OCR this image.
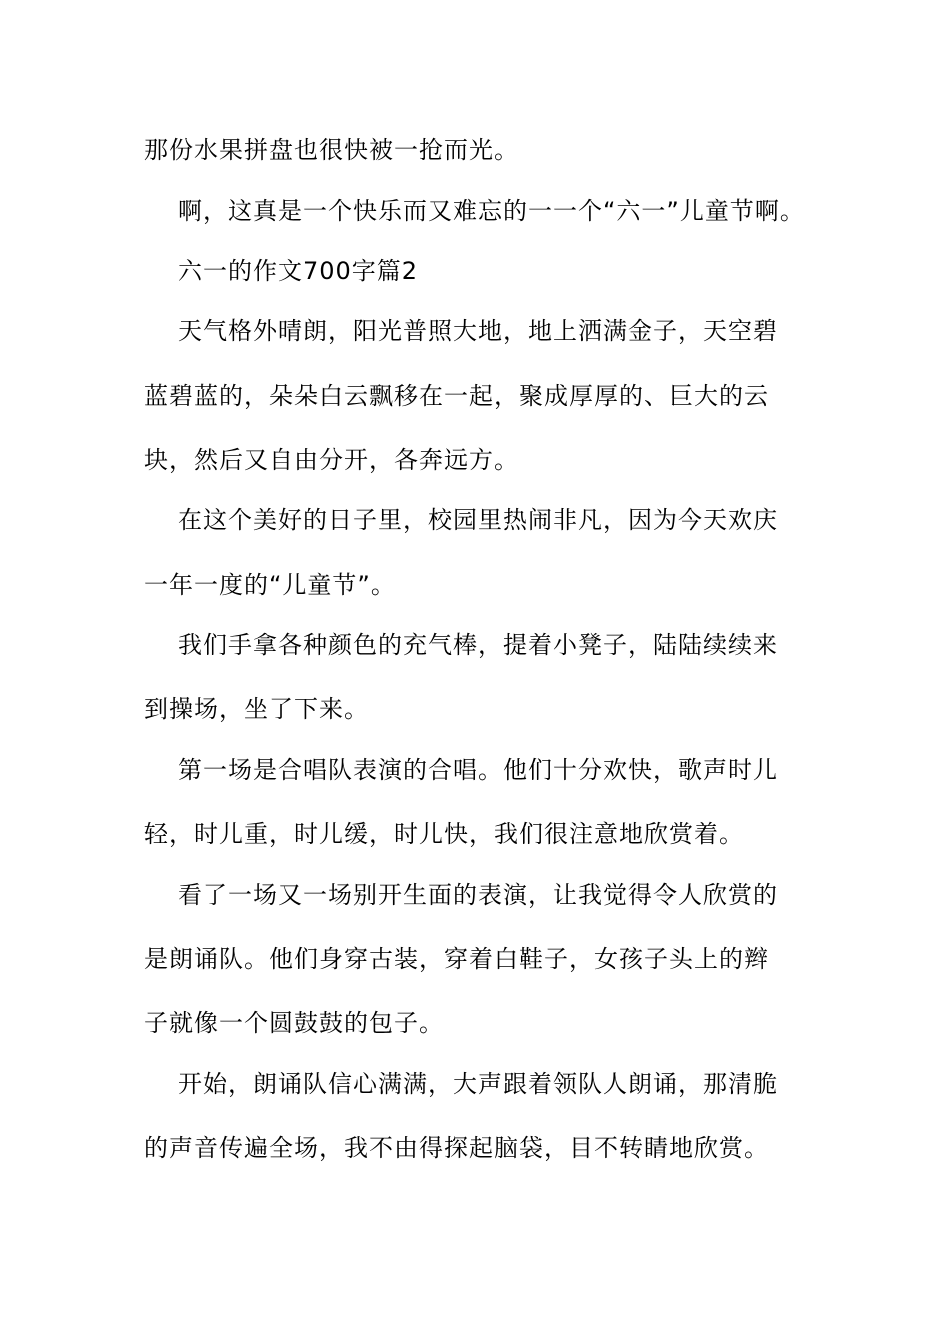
那份水果拼盘也很快被一抢而光。
啊，这真是一个快乐而又难忘的一一个“六一”儿童节啊。
六一的作文700字篇2
天气格外晴朗，阳光普照大地，地上洒满金子，天空碧
蓝碧蓝的，朵朵白云飘移在一起，聚成厚厚的、巨大的云
块，然后又自由分开，各奔远方。
在这个美好的日子里，校园里热闹非凡，因为今天欢庆
一年一度的“儿童节”。
我们手拿各种颜色的充气棒，提着小凳子，陆陆续续来
到操场，坐了下来。
第一场是合唱队表演的合唱。他们十分欢快，歌声时儿
轻，时儿重，时儿缓，时儿快，我们很注意地欣赏着。
看了一场又一场别开生面的表演，让我觉得令人欣赏的
是朗诵队。他们身穿古装，穿着白鞋子，女孩子头上的辫
子就像一个圆鼓鼓的包子。
开始，朗诵队信心满满，大声跟着领队人朗诵，那清脆
的声音传遍全场，我不由得探起脑袋，目不转睛地欣赏。
